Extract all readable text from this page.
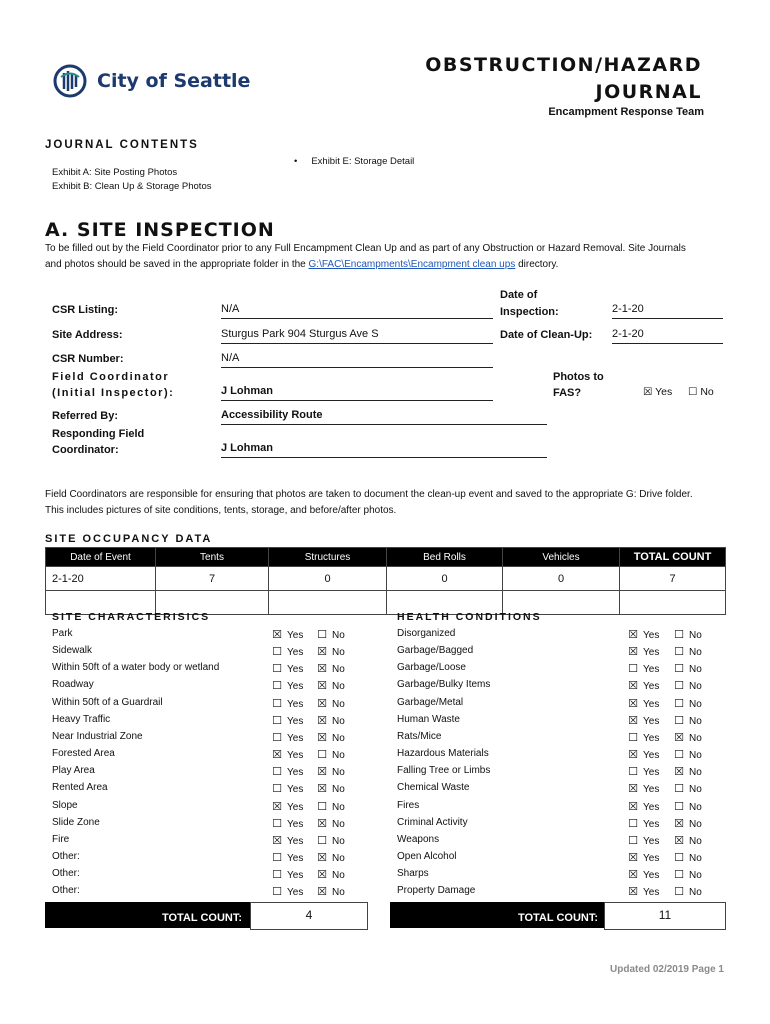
City of Seattle
OBSTRUCTION/HAZARD
JOURNAL
Encampment Response Team
JOURNAL CONTENTS
• Exhibit E: Storage Detail
Exhibit A: Site Posting Photos
Exhibit B: Clean Up & Storage Photos
A. SITE INSPECTION
To be filled out by the Field Coordinator prior to any Full Encampment Clean Up and as part of any Obstruction or Hazard Removal. Site Journals
and photos should be saved in the appropriate folder in the G:\FAC\Encampments\Encampment clean ups directory.
CSR Listing:	N/A
Date of
Inspection:	2-1-20
Site Address:	Sturgus Park 904 Sturgus Ave S	Date of Clean-Up: 2-1-20
CSR Number:	N/A
Field Coordinator
(Initial Inspector):	J Lohman
Photos to
FAS?	☒ Yes ☐ No
Referred By:	Accessibility Route
Responding Field
Coordinator:	J Lohman
Field Coordinators are responsible for ensuring that photos are taken to document the clean-up event and saved to the appropriate G: Drive folder.
This includes pictures of site conditions, tents, storage, and before/after photos.
SITE OCCUPANCY DATA
Date of Event	Tents	Structures	Bed Rolls	Vehicles	TOTAL COUNT
2-1-20	7	0	0	0	7

SITE CHARACTERISICS
Park	☒ Yes ☐ No
Sidewalk	☐ Yes ☒ No
Within 50ft of a water body or wetland	☐ Yes ☒ No
Roadway	☐ Yes ☒ No
Within 50ft of a Guardrail	☐ Yes ☒ No
Heavy Traffic	☐ Yes ☒ No
Near Industrial Zone	☐ Yes ☒ No
Forested Area	☒ Yes ☐ No
Play Area	☐ Yes ☒ No
Rented Area	☐ Yes ☒ No
Slope	☒ Yes ☐ No
Slide Zone	☐ Yes ☒ No
Fire	☒ Yes ☐ No
Other:	☐ Yes ☒ No
Other:	☐ Yes ☒ No
Other:	☐ Yes ☒ No
HEALTH CONDITIONS
Disorganized	☒ Yes ☐ No
Garbage/Bagged	☒ Yes ☐ No
Garbage/Loose	☐ Yes ☐ No
Garbage/Bulky Items	☒ Yes ☐ No
Garbage/Metal	☒ Yes ☐ No
Human Waste	☒ Yes ☐ No
Rats/Mice	☐ Yes ☒ No
Hazardous Materials	☒ Yes ☐ No
Falling Tree or Limbs	☐ Yes ☒ No
Chemical Waste	☒ Yes ☐ No
Fires	☒ Yes ☐ No
Criminal Activity	☐ Yes ☒ No
Weapons	☐ Yes ☒ No
Open Alcohol	☒ Yes ☐ No
Sharps	☒ Yes ☐ No
Property Damage	☒ Yes ☐ No
TOTAL COUNT:	4	TOTAL COUNT:	11
Updated 02/2019 Page 1
